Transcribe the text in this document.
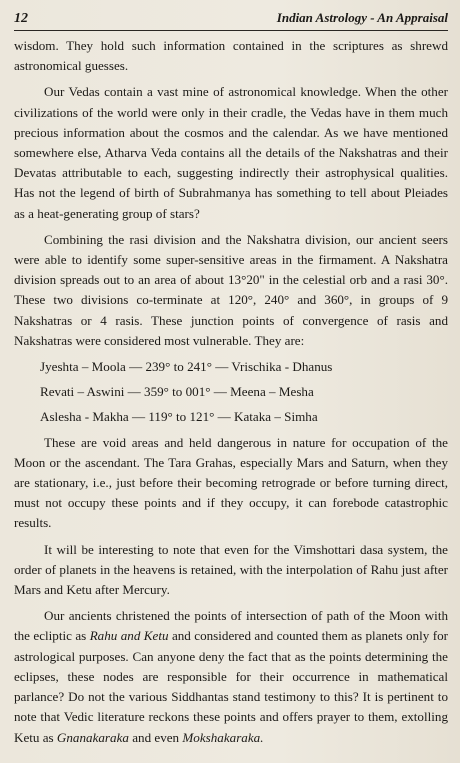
12	Indian Astrology - An Appraisal

wisdom. They hold such information contained in the scriptures as shrewd astronomical guesses.

Our Vedas contain a vast mine of astronomical knowledge. When the other civilizations of the world were only in their cradle, the Vedas have in them much precious information about the cosmos and the calendar. As we have mentioned somewhere else, Atharva Veda contains all the details of the Nakshatras and their Devatas attributable to each, suggesting indirectly their astrophysical qualities. Has not the legend of birth of Subrahmanya has something to tell about Pleiades as a heat-generating group of stars?

Combining the rasi division and the Nakshatra division, our ancient seers were able to identify some super-sensitive areas in the firmament. A Nakshatra division spreads out to an area of about 13°20" in the celestial orb and a rasi 30°. These two divisions co-terminate at 120°, 240° and 360°, in groups of 9 Nakshatras or 4 rasis. These junction points of convergence of rasis and Nakshatras were considered most vulnerable. They are:

Jyeshta – Moola — 239° to 241° — Vrischika - Dhanus
Revati – Aswini — 359° to 001° — Meena – Mesha
Aslesha - Makha — 119° to 121° — Kataka – Simha

These are void areas and held dangerous in nature for occupation of the Moon or the ascendant. The Tara Grahas, especially Mars and Saturn, when they are stationary, i.e., just before their becoming retrograde or before turning direct, must not occupy these points and if they occupy, it can forebode catastrophic results.

It will be interesting to note that even for the Vimshottari dasa system, the order of planets in the heavens is retained, with the interpolation of Rahu just after Mars and Ketu after Mercury.

Our ancients christened the points of intersection of path of the Moon with the ecliptic as Rahu and Ketu and considered and counted them as planets only for astrological purposes. Can anyone deny the fact that as the points determining the eclipses, these nodes are responsible for their occurrence in mathematical parlance? Do not the various Siddhantas stand testimony to this? It is pertinent to note that Vedic literature reckons these points and offers prayer to them, extolling Ketu as Gnanakaraka and even Mokshakaraka.
